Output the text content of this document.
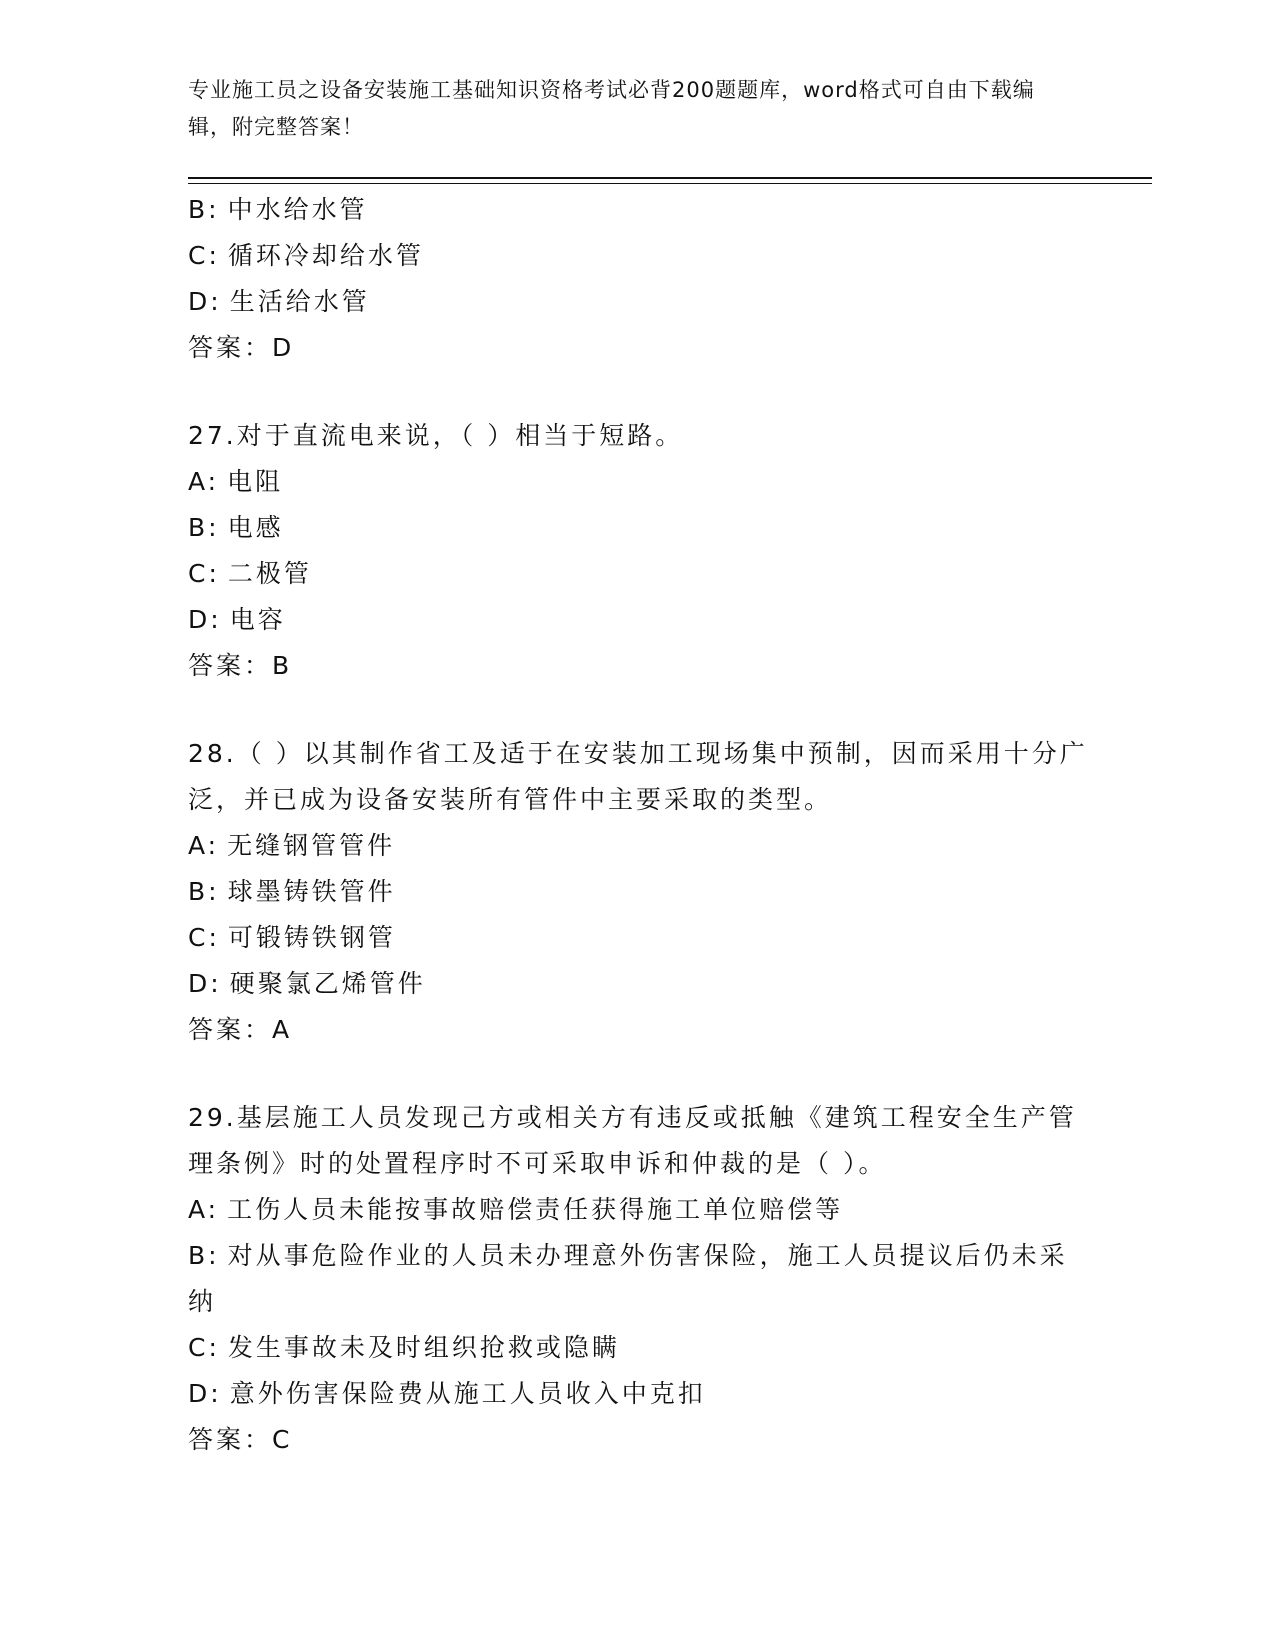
专业施工员之设备安装施工基础知识资格考试必背200题题库，word格式可自由下载编辑，附完整答案！
B: 中水给水管
C: 循环冷却给水管
D: 生活给水管
答案：D
27.对于直流电来说，（ ）相当于短路。
A: 电阻
B: 电感
C: 二极管
D: 电容
答案：B
28.（ ）以其制作省工及适于在安装加工现场集中预制，因而采用十分广泛，并已成为设备安装所有管件中主要采取的类型。
A: 无缝钢管管件
B: 球墨铸铁管件
C: 可锻铸铁钢管
D: 硬聚氯乙烯管件
答案：A
29.基层施工人员发现己方或相关方有违反或抵触《建筑工程安全生产管理条例》时的处置程序时不可采取申诉和仲裁的是（ ）。
A: 工伤人员未能按事故赔偿责任获得施工单位赔偿等
B: 对从事危险作业的人员未办理意外伤害保险，施工人员提议后仍未采纳
C: 发生事故未及时组织抢救或隐瞒
D: 意外伤害保险费从施工人员收入中克扣
答案：C
